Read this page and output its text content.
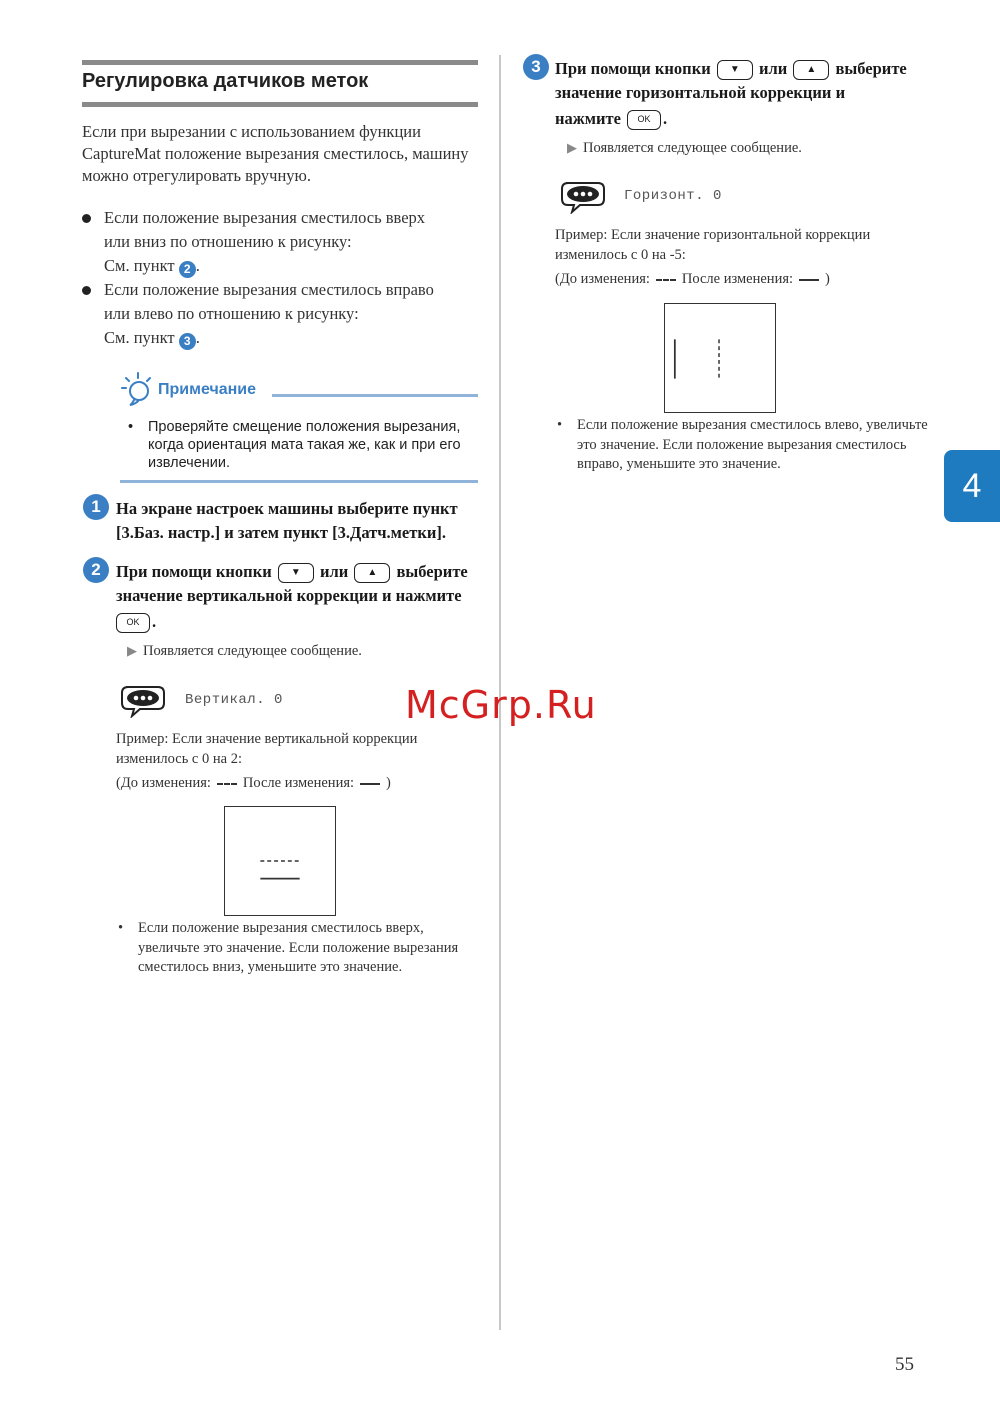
Регулировка датчиков меток

Если при вырезании с использованием функции CaptureMat положение вырезания сместилось, машину можно отрегулировать вручную.

Если положение вырезания сместилось вверх
или вниз по отношению к рисунку:
См. пункт 2 .
Если положение вырезания сместилось вправо
или влево по отношению к рисунку:
См. пункт 3 .
Примечание
• Проверяйте смещение положения вырезания, когда ориентация мата такая же, как и при его извлечении.
1 На экране настроек машины выберите пункт [3.Баз. настр.] и затем пункт [3.Датч.метки].
2 При помощи кнопки ▼ или ▲ выберите
значение вертикальной коррекции и нажмите
OK .
▶ Появляется следующее сообщение.
Вертикал. 0
Пример: Если значение вертикальной коррекции
изменилось с 0 на 2:
(До изменения: После изменения: )
• Если положение вырезания сместилось вверх, увеличьте это значение. Если положение вырезания сместилось вниз, уменьшите это значение.
3 При помощи кнопки ▼ или ▲ выберите
значение горизонтальной коррекции и
нажмите OK .
▶ Появляется следующее сообщение.
Горизонт. 0
Пример: Если значение горизонтальной коррекции
изменилось с 0 на -5:
(До изменения: После изменения: )
• Если положение вырезания сместилось влево, увеличьте это значение. Если положение вырезания сместилось вправо, уменьшите это значение.
4
McGrp.Ru
55
